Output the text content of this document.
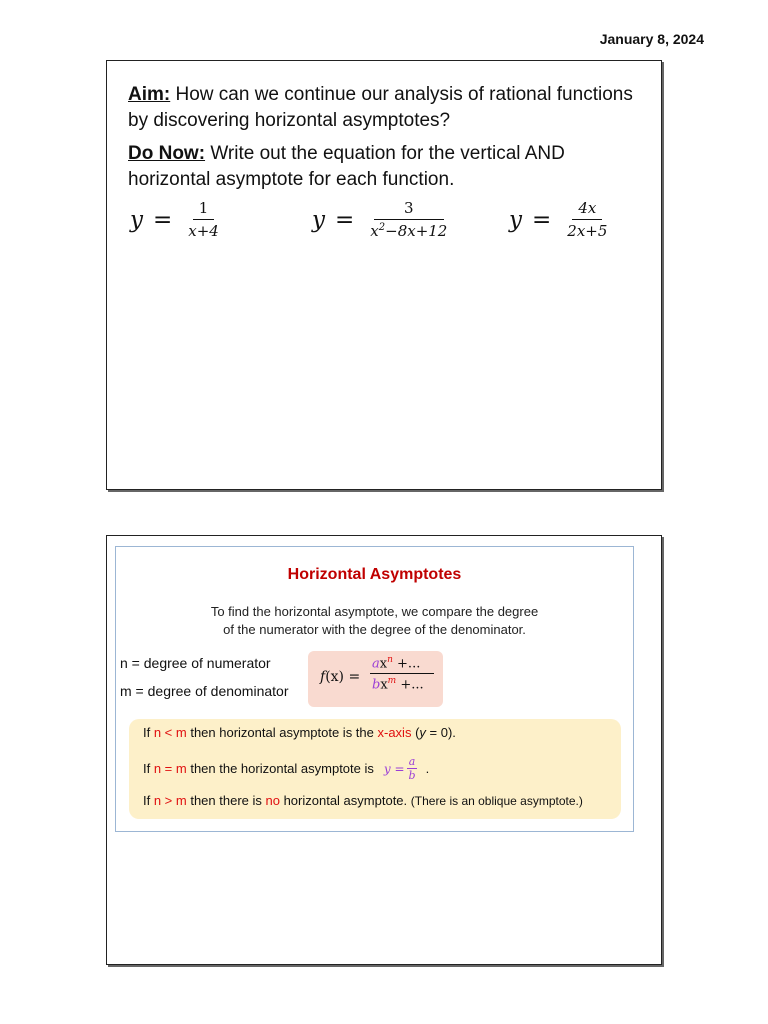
January 8, 2024
Aim: How can we continue our analysis of rational functions by discovering horizontal asymptotes?
Do Now: Write out the equation for the vertical AND horizontal asymptote for each function.
$y = \frac{1}{x+4}$	$y = \frac{3}{x^2-8x+12}$ $y = \frac{4x}{2x+5}$
Horizontal Asymptotes
To find the horizontal asymptote, we compare the degree
of the numerator with the degree of the denominator.
n = degree of numerator
m = degree of denominator
f(x) =
$ax^n$ +...
$bx^m$ +...
If n < m then horizontal asymptote is the x-axis (y = 0).
If n = m then the horizontal asymptote is $y = \frac{a}{b}$ .
If n > m then there is no horizontal asymptote. (There is an oblique asymptote.)
